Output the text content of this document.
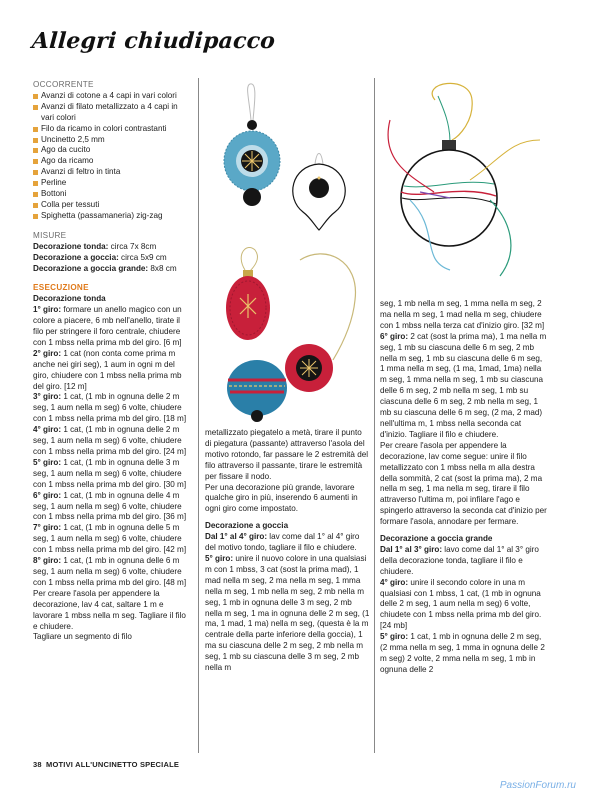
Allegri chiudipacco
OCCORRENTE
Avanzi di cotone a 4 capi in vari colori
Avanzi di filato metallizzato a 4 capi in vari colori
Filo da ricamo in colori contrastanti
Uncinetto 2,5 mm
Ago da cucito
Ago da ricamo
Avanzi di feltro in tinta
Perline
Bottoni
Colla per tessuti
Spighetta (passamaneria) zig-zag
MISURE
Decorazione tonda: circa 7x 8cm
Decorazione a goccia: circa 5x9 cm
Decorazione a goccia grande: 8x8 cm
ESECUZIONE
Decorazione tonda

1° giro: formare un anello magico con un colore a piacere, 6 mb nell'anello, tirate il filo per stringere il foro centrale, chiudere con 1 mbss nella prima mb del giro. [6 m]

2° giro: 1 cat (non conta come prima m anche nei giri seg), 1 aum in ogni m del giro, chiudere con 1 mbss nella prima mb del giro. [12 m]

3° giro: 1 cat, (1 mb in ognuna delle 2 m seg, 1 aum nella m seg) 6 volte, chiudere con 1 mbss nella prima mb del giro. [18 m]

4° giro: 1 cat, (1 mb in ognuna delle 2 m seg, 1 aum nella m seg) 6 volte, chiudere con 1 mbss nella prima mb del giro. [24 m]

5° giro: 1 cat, (1 mb in ognuna delle 3 m seg, 1 aum nella m seg) 6 volte, chiudere con 1 mbss nella prima mb del giro. [30 m]

6° giro: 1 cat, (1 mb in ognuna delle 4 m seg, 1 aum nella m seg) 6 volte, chiudere con 1 mbss nella prima mb del giro. [36 m]

7° giro: 1 cat, (1 mb in ognuna delle 5 m seg, 1 aum nella m seg) 6 volte, chiudere con 1 mbss nella prima mb del giro. [42 m]

8° giro: 1 cat, (1 mb in ognuna delle 6 m seg, 1 aum nella m seg) 6 volte, chiudere con 1 mbss nella prima mb del giro. [48 m]

Per creare l'asola per appendere la decorazione, lav 4 cat, saltare 1 m e lavorare 1 mbss nella m seg. Tagliare il filo e chiudere.

Tagliare un segmento di filo

metallizzato piegatelo a metà, tirare il punto di piegatura (passante) attraverso l'asola del motivo rotondo, far passare le 2 estremità del filo attraverso il passante, tirare le estremità per fissare il nodo.

Per una decorazione più grande, lavorare qualche giro in più, inserendo 6 aumenti in ogni giro come impostato.

Decorazione a goccia

Dal 1° al 4° giro: lav come dal 1° al 4° giro del motivo tondo, tagliare il filo e chiudere.

5° giro: unire il nuovo colore in una qualsiasi m con 1 mbss, 3 cat (sost la prima mad), 1 mad nella m seg, 2 ma nella m seg, 1 mma nella m seg, 1 mb nella m seg, 2 mb nella m seg, 1 mb in ognuna delle 3 m seg, 2 mb nella m seg, 1 ma in ognuna delle 2 m seg, (1 ma, 1 mad, 1 ma) nella m seg, (questa è la m centrale della parte inferiore della goccia), 1 ma su ciascuna delle 2 m seg, 2 mb nella m seg, 1 mb su ciascuna delle 3 m seg, 2 mb nella m

seg, 1 mb nella m seg, 1 mma nella m seg, 2 ma nella m seg, 1 mad nella m seg, chiudere con 1 mbss nella terza cat d'inizio giro. [32 m]

6° giro: 2 cat (sost la prima ma), 1 ma nella m seg, 1 mb su ciascuna delle 6 m seg, 2 mb nella m seg, 1 mb su ciascuna delle 6 m seg, 1 mma nella m seg, (1 ma, 1mad, 1ma) nella m seg, 1 mma nella m seg, 1 mb su ciascuna delle 6 m seg, 2 mb nella m seg, 1 mb su ciascuna delle 6 m seg, 2 mb nella m seg, 1 mb su ciascuna delle 6 m seg, (2 ma, 2 mad) nell'ultima m, 1 mbss nella seconda cat d'inizio. Tagliare il filo e chiudere.

Per creare l'asola per appendere la decorazione, lav come segue: unire il filo metallizzato con 1 mbss nella m alla destra della sommità, 2 cat (sost la prima ma), 2 ma nella m seg, 1 ma nella m seg, tirare il filo attraverso l'ultima m, poi infilare l'ago e spingerlo attraverso la seconda cat d'inizio per formare l'asola, annodare per fermare.

Decorazione a goccia grande

Dal 1° al 3° giro: lavo come dal 1° al 3° giro della decorazione tonda, tagliare il filo e chiudere.

4° giro: unire il secondo colore in una m qualsiasi con 1 mbss, 1 cat, (1 mb in ognuna delle 2 m seg, 1 aum nella m seg) 6 volte, chiudete con 1 mbss nella prima mb del giro. [24 mb]

5° giro: 1 cat, 1 mb in ognuna delle 2 m seg, (2 mma nella m seg, 1 mma in ognuna delle 2 m seg) 2 volte, 2 mma nella m seg, 1 mb in ognuna delle 2

38 MOTIVI ALL'UNCINETTO SPECIALE
PassionForum.ru
